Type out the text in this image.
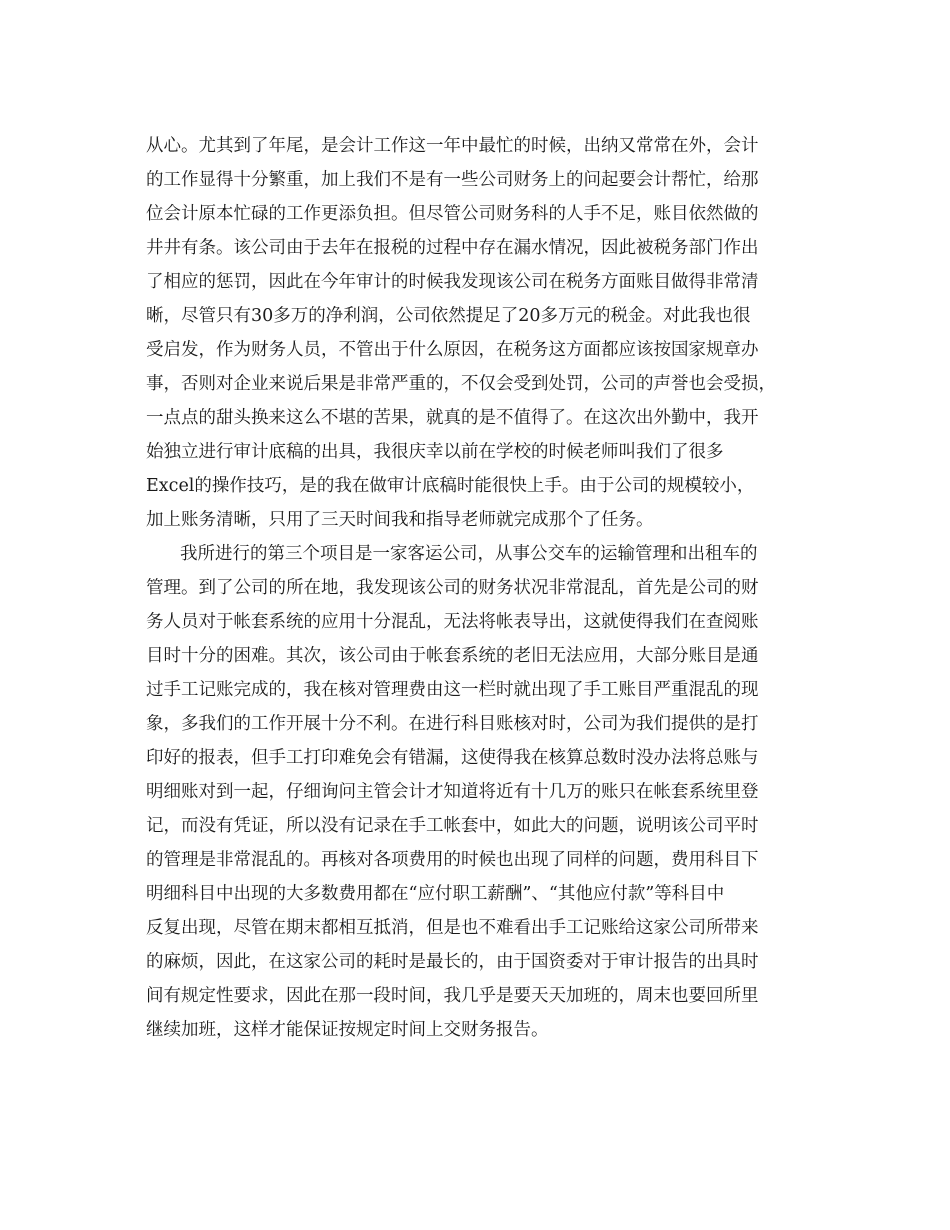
从心。尤其到了年尾，是会计工作这一年中最忙的时候，出纳又常常在外，会计

的工作显得十分繁重，加上我们不是有一些公司财务上的问起要会计帮忙，给那

位会计原本忙碌的工作更添负担。但尽管公司财务科的人手不足，账目依然做的

井井有条。该公司由于去年在报税的过程中存在漏水情况，因此被税务部门作出

了相应的惩罚，因此在今年审计的时候我发现该公司在税务方面账目做得非常清

晰，尽管只有30多万的净利润，公司依然提足了20多万元的税金。对此我也很

受启发，作为财务人员，不管出于什么原因，在税务这方面都应该按国家规章办

事，否则对企业来说后果是非常严重的，不仅会受到处罚，公司的声誉也会受损，

一点点的甜头换来这么不堪的苦果，就真的是不值得了。在这次出外勤中，我开

始独立进行审计底稿的出具，我很庆幸以前在学校的时候老师叫我们了很多

Excel的操作技巧，是的我在做审计底稿时能很快上手。由于公司的规模较小，

加上账务清晰，只用了三天时间我和指导老师就完成那个了任务。

我所进行的第三个项目是一家客运公司，从事公交车的运输管理和出租车的

管理。到了公司的所在地，我发现该公司的财务状况非常混乱，首先是公司的财

务人员对于帐套系统的应用十分混乱，无法将帐表导出，这就使得我们在查阅账

目时十分的困难。其次，该公司由于帐套系统的老旧无法应用，大部分账目是通

过手工记账完成的，我在核对管理费由这一栏时就出现了手工账目严重混乱的现

象，多我们的工作开展十分不利。在进行科目账核对时，公司为我们提供的是打

印好的报表，但手工打印难免会有错漏，这使得我在核算总数时没办法将总账与

明细账对到一起，仔细询问主管会计才知道将近有十几万的账只在帐套系统里登

记，而没有凭证，所以没有记录在手工帐套中，如此大的问题，说明该公司平时

的管理是非常混乱的。再核对各项费用的时候也出现了同样的问题，费用科目下

明细科目中出现的大多数费用都在“应付职工薪酬”、“其他应付款”等科目中

反复出现，尽管在期末都相互抵消，但是也不难看出手工记账给这家公司所带来

的麻烦，因此，在这家公司的耗时是最长的，由于国资委对于审计报告的出具时

间有规定性要求，因此在那一段时间，我几乎是要天天加班的，周末也要回所里

继续加班，这样才能保证按规定时间上交财务报告。
